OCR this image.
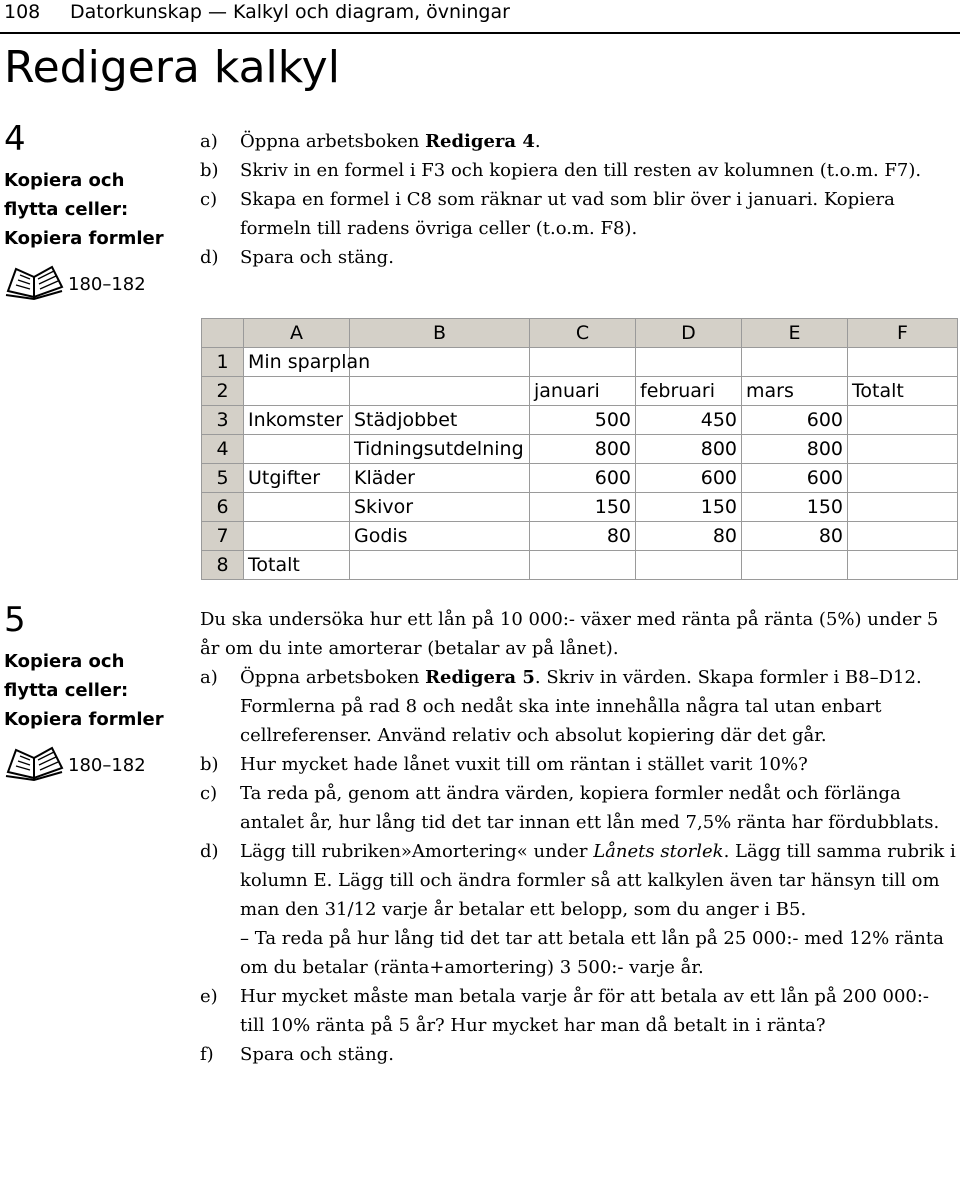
108 Datorkunskap — Kalkyl och diagram, övningar
Redigera kalkyl
4
Kopiera och
flytta celler:
Kopiera formler
180–182
a)	Öppna arbetsboken Redigera 4.
b)	Skriv in en formel i F3 och kopiera den till resten av kolumnen (t.o.m. F7).
c)	Skapa en formel i C8 som räknar ut vad som blir över i januari. Kopiera formeln till radens övriga celler (t.o.m. F8).
d)	Spara och stäng.
	A	B	C	D	E	F
1	Min sparplan					
2			januari	februari	mars	Totalt
3	Inkomster	Städjobbet	500	450	600	
4		Tidningsutdelning	800	800	800	
5	Utgifter	Kläder	600	600	600	
6		Skivor	150	150	150	
7		Godis	80	80	80	
8	Totalt					
5
Kopiera och
flytta celler:
Kopiera formler
180–182

Du ska undersöka hur ett lån på 10 000:- växer med ränta på ränta (5%) under 5 år om du inte amorterar (betalar av på lånet).

a)	Öppna arbetsboken Redigera 5. Skriv in värden. Skapa formler i B8–D12. Formlerna på rad 8 och nedåt ska inte innehålla några tal utan enbart cellreferenser. Använd relativ och absolut kopiering där det går.
b)	Hur mycket hade lånet vuxit till om räntan i stället varit 10%?
c)	Ta reda på, genom att ändra värden, kopiera formler nedåt och förlänga antalet år, hur lång tid det tar innan ett lån med 7,5% ränta har fördubblats.
d)	Lägg till rubriken»Amortering« under Lånets storlek. Lägg till samma rubrik i kolumn E. Lägg till och ändra formler så att kalkylen även tar hänsyn till om man den 31/12 varje år betalar ett belopp, som du anger i B5.
– Ta reda på hur lång tid det tar att betala ett lån på 25 000:- med 12% ränta om du betalar (ränta+amortering) 3 500:- varje år.
e)	Hur mycket måste man betala varje år för att betala av ett lån på 200 000:- till 10% ränta på 5 år? Hur mycket har man då betalt in i ränta?
f)	Spara och stäng.
